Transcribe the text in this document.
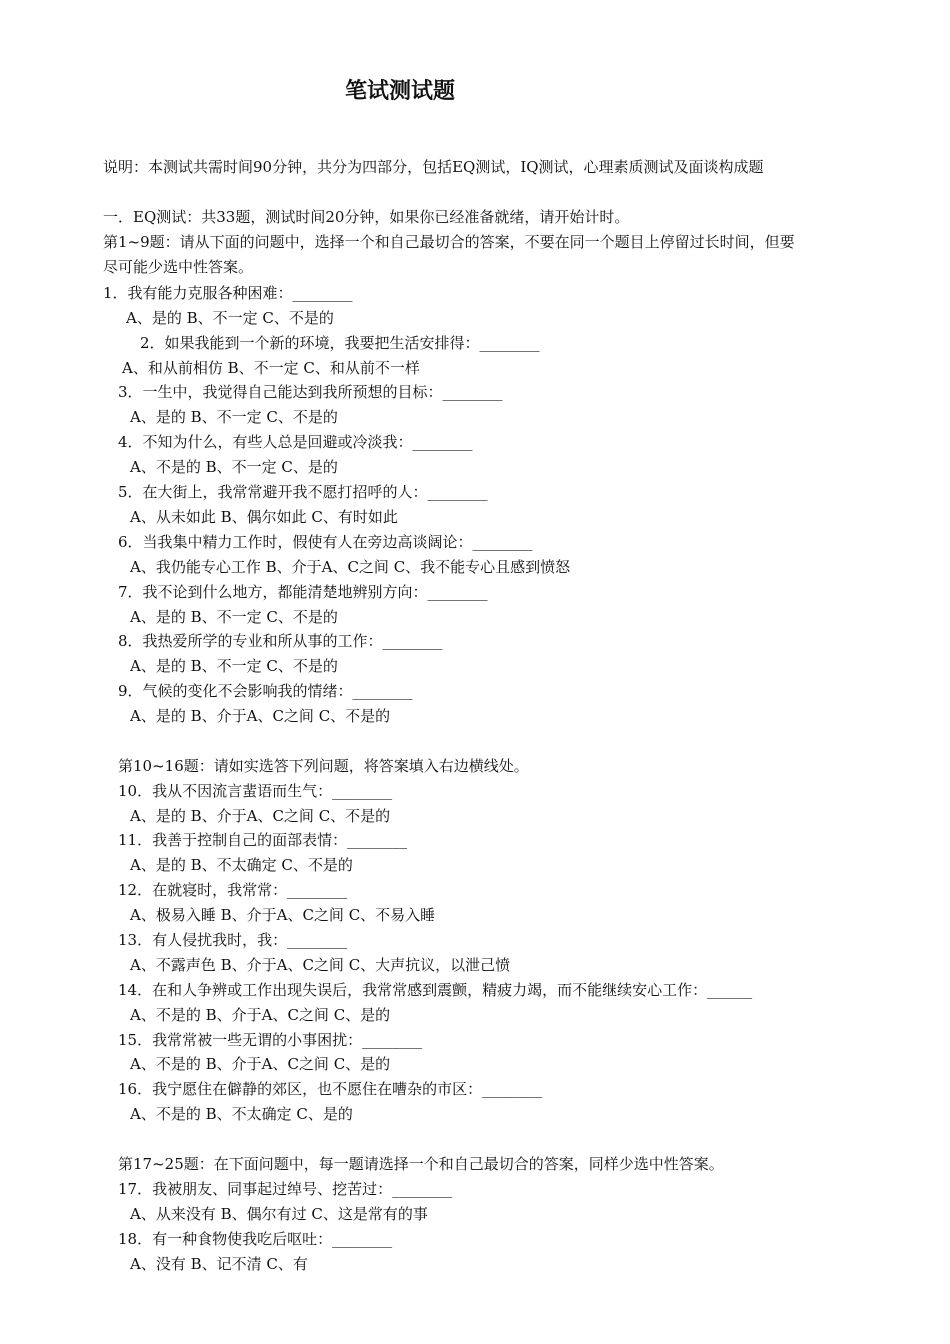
笔试测试题
说明：本测试共需时间90分钟，共分为四部分，包括EQ测试，IQ测试，心理素质测试及面谈构成题
一．EQ测试：共33题，测试时间20分钟，如果你已经准备就绪，请开始计时。
第1~9题：请从下面的问题中，选择一个和自己最切合的答案，不要在同一个题目上停留过长时间，但要
尽可能少选中性答案。
1．我有能力克服各种困难：________
A、是的 B、不一定 C、不是的
2．如果我能到一个新的环境，我要把生活安排得：________
A、和从前相仿 B、不一定 C、和从前不一样
3．一生中，我觉得自己能达到我所预想的目标：________
A、是的 B、不一定 C、不是的
4．不知为什么，有些人总是回避或冷淡我：________
A、不是的 B、不一定 C、是的
5．在大街上，我常常避开我不愿打招呼的人：________
A、从未如此 B、偶尔如此 C、有时如此
6．当我集中精力工作时，假使有人在旁边高谈阔论：________
A、我仍能专心工作 B、介于A、C之间 C、我不能专心且感到愤怒
7．我不论到什么地方，都能清楚地辨别方向：________
A、是的 B、不一定 C、不是的
8．我热爱所学的专业和所从事的工作：________
A、是的 B、不一定 C、不是的
9．气候的变化不会影响我的情绪：________
A、是的 B、介于A、C之间 C、不是的
第10~16题：请如实选答下列问题，将答案填入右边横线处。
10．我从不因流言蜚语而生气：________
A、是的 B、介于A、C之间 C、不是的
11．我善于控制自己的面部表情：________
A、是的 B、不太确定 C、不是的
12．在就寝时，我常常：________
A、极易入睡 B、介于A、C之间 C、不易入睡
13．有人侵扰我时，我：________
A、不露声色 B、介于A、C之间 C、大声抗议，以泄己愤
14．在和人争辨或工作出现失误后，我常常感到震颤，精疲力竭，而不能继续安心工作：______
A、不是的 B、介于A、C之间 C、是的
15．我常常被一些无谓的小事困扰：________
A、不是的 B、介于A、C之间 C、是的
16．我宁愿住在僻静的郊区，也不愿住在嘈杂的市区：________
A、不是的 B、不太确定 C、是的
第17~25题：在下面问题中，每一题请选择一个和自己最切合的答案，同样少选中性答案。
17．我被朋友、同事起过绰号、挖苦过：________
A、从来没有 B、偶尔有过 C、这是常有的事
18．有一种食物使我吃后呕吐：________
A、没有 B、记不清 C、有
